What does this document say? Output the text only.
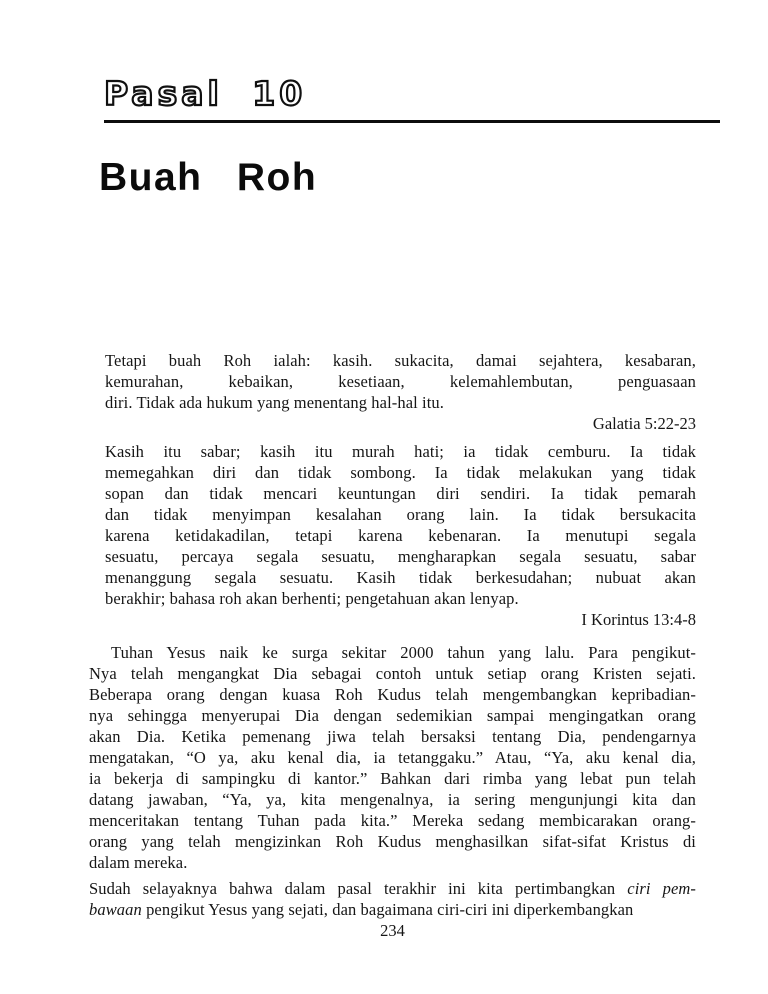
Pasal 10
Buah Roh
Tetapi buah Roh ialah: kasih. sukacita, damai sejahtera, kesabaran,
kemurahan, kebaikan, kesetiaan, kelemahlembutan, penguasaan
diri. Tidak ada hukum yang menentang hal-hal itu.
Galatia 5:22-23
Kasih itu sabar; kasih itu murah hati; ia tidak cemburu. Ia tidak
memegahkan diri dan tidak sombong. Ia tidak melakukan yang tidak
sopan dan tidak mencari keuntungan diri sendiri. Ia tidak pemarah
dan tidak menyimpan kesalahan orang lain. Ia tidak bersukacita
karena ketidakadilan, tetapi karena kebenaran. Ia menutupi segala
sesuatu, percaya segala sesuatu, mengharapkan segala sesuatu, sabar
menanggung segala sesuatu. Kasih tidak berkesudahan; nubuat akan
berakhir; bahasa roh akan berhenti; pengetahuan akan lenyap.
I Korintus 13:4-8
Tuhan Yesus naik ke surga sekitar 2000 tahun yang lalu. Para pengikut-
Nya telah mengangkat Dia sebagai contoh untuk setiap orang Kristen sejati.
Beberapa orang dengan kuasa Roh Kudus telah mengembangkan kepribadian-
nya sehingga menyerupai Dia dengan sedemikian sampai mengingatkan orang
akan Dia. Ketika pemenang jiwa telah bersaksi tentang Dia, pendengarnya
mengatakan, “O ya, aku kenal dia, ia tetanggaku.” Atau, “Ya, aku kenal dia,
ia bekerja di sampingku di kantor.” Bahkan dari rimba yang lebat pun telah
datang jawaban, “Ya, ya, kita mengenalnya, ia sering mengunjungi kita dan
menceritakan tentang Tuhan pada kita.” Mereka sedang membicarakan orang-
orang yang telah mengizinkan Roh Kudus menghasilkan sifat-sifat Kristus di
dalam mereka.
Sudah selayaknya bahwa dalam pasal terakhir ini kita pertimbangkan ciri pem-
bawaan pengikut Yesus yang sejati, dan bagaimana ciri-ciri ini diperkembangkan
234
